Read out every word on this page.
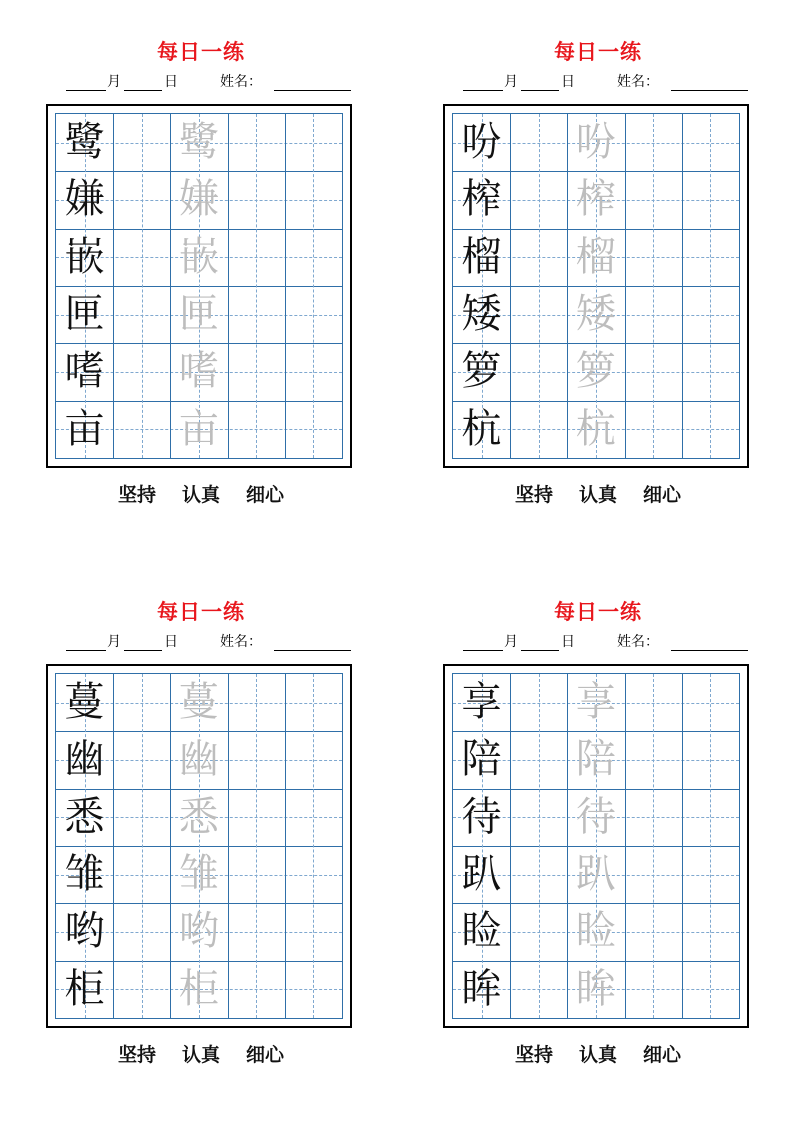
每日一练
月	日	姓名：
鹭 鹭
嫌 嫌
嵌 嵌
匣 匣
嗜 嗜
亩 亩
坚持 认真 细心
每日一练
月	日	姓名：
吩 吩
榨 榨
榴 榴
矮 矮
箩 箩
杭 杭
坚持 认真 细心
每日一练
月	日	姓名：
蔓 蔓
幽 幽
悉 悉
雏 雏
哟 哟
柜 柜
坚持 认真 细心
每日一练
月	日	姓名：
享 享
陪 陪
待 待
趴 趴
睑 睑
眸 眸
坚持 认真 细心
